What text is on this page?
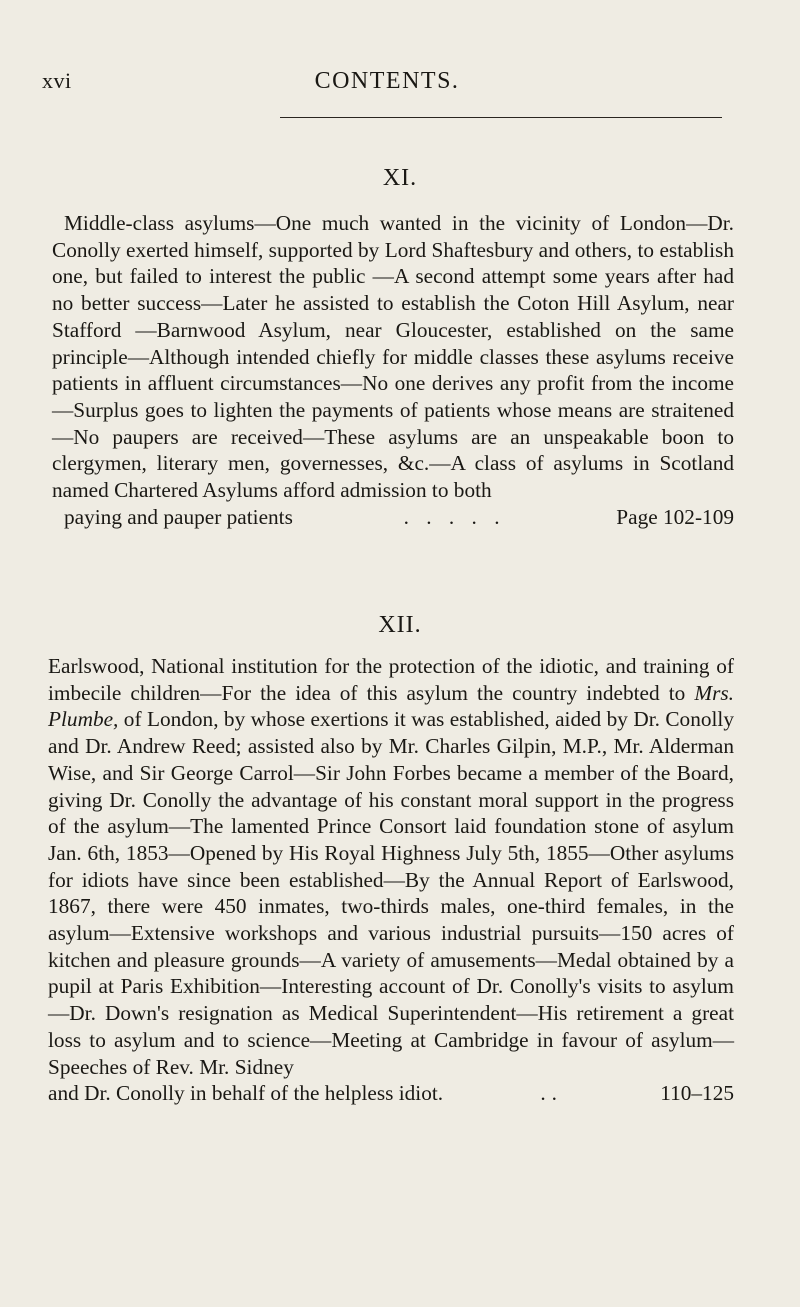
xvi	CONTENTS.
XI.
Middle-class asylums—One much wanted in the vicinity of London—Dr. Conolly exerted himself, supported by Lord Shaftesbury and others, to establish one, but failed to interest the public —A second attempt some years after had no better success—Later he assisted to establish the Coton Hill Asylum, near Stafford —Barnwood Asylum, near Gloucester, established on the same principle—Although intended chiefly for middle classes these asylums receive patients in affluent circumstances—No one derives any profit from the income—Surplus goes to lighten the payments of patients whose means are straitened—No paupers are received—These asylums are an unspeakable boon to clergymen, literary men, governesses, &c.—A class of asylums in Scotland named Chartered Asylums afford admission to both
paying and pauper patients	. . . . .	Page 102-109
XII.
Earlswood, National institution for the protection of the idiotic, and training of imbecile children—For the idea of this asylum the country indebted to Mrs. Plumbe, of London, by whose exertions it was established, aided by Dr. Conolly and Dr. Andrew Reed; assisted also by Mr. Charles Gilpin, M.P., Mr. Alderman Wise, and Sir George Carrol—Sir John Forbes became a member of the Board, giving Dr. Conolly the advantage of his constant moral support in the progress of the asylum—The lamented Prince Consort laid foundation stone of asylum Jan. 6th, 1853—Opened by His Royal Highness July 5th, 1855—Other asylums for idiots have since been established—By the Annual Report of Earlswood, 1867, there were 450 inmates, two-thirds males, one-third females, in the asylum—Extensive workshops and various industrial pursuits—150 acres of kitchen and pleasure grounds—A variety of amusements—Medal obtained by a pupil at Paris Exhibition—Interesting account of Dr. Conolly's visits to asylum —Dr. Down's resignation as Medical Superintendent—His retirement a great loss to asylum and to science—Meeting at Cambridge in favour of asylum—Speeches of Rev. Mr. Sidney
and Dr. Conolly in behalf of the helpless idiot.	..	110–125
